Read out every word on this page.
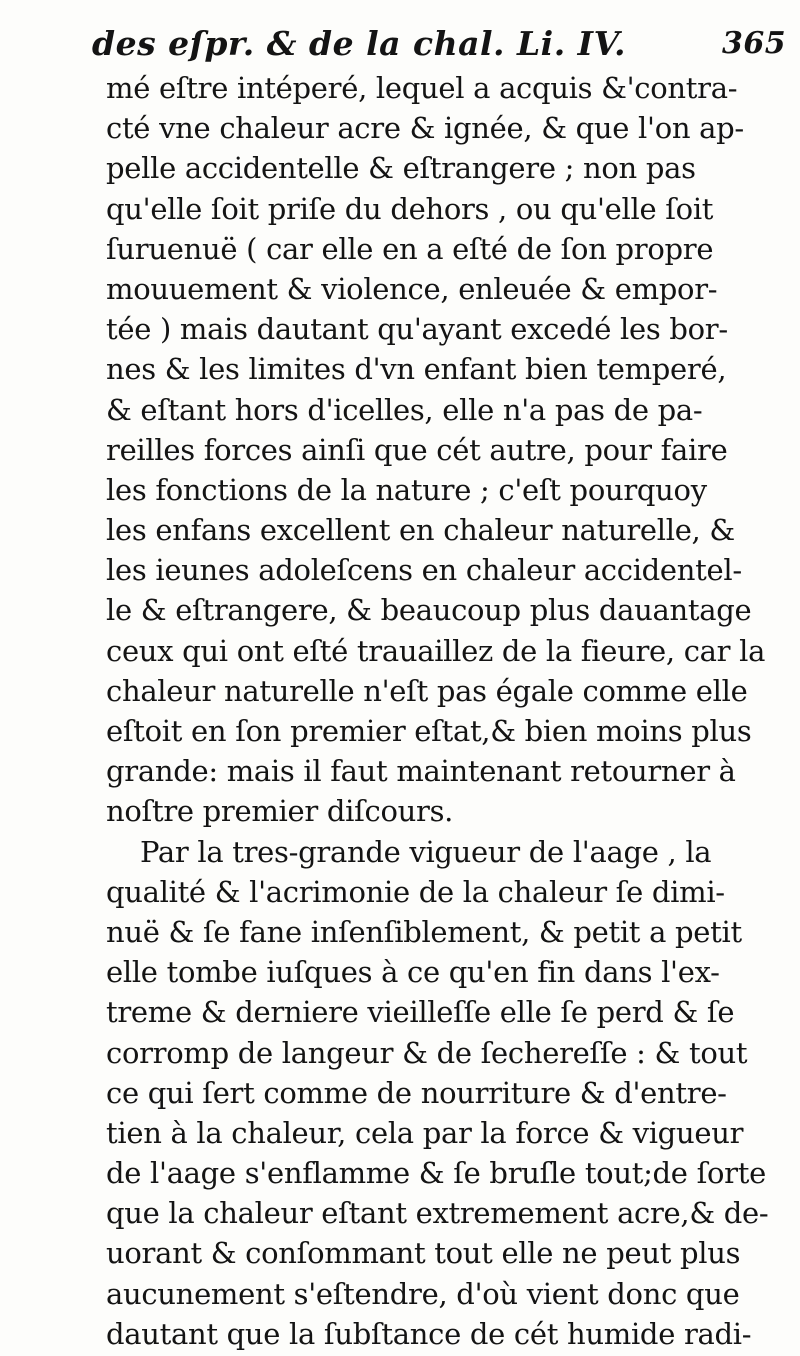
des eſpr. & de la chal. Li. IV.	365
mé eſtre intéperé, lequel a acquis &'contra-
cté vne chaleur acre & ignée, & que l'on ap-
pelle accidentelle & eſtrangere ; non pas
qu'elle ſoit priſe du dehors , ou qu'elle ſoit
ſuruenuë ( car elle en a eſté de ſon propre
mouuement & violence, enleuée & empor-
tée ) mais dautant qu'ayant excedé les bor-
nes & les limites d'vn enfant bien temperé,
& eſtant hors d'icelles, elle n'a pas de pa-
reilles forces ainſi que cét autre, pour faire
les fonctions de la nature ; c'eſt pourquoy
les enfans excellent en chaleur naturelle, &
les ieunes adoleſcens en chaleur accidentel-
le & eſtrangere, & beaucoup plus dauantage
ceux qui ont eſté trauaillez de la fieure, car la
chaleur naturelle n'eſt pas égale comme elle
eſtoit en ſon premier eſtat,& bien moins plus
grande: mais il faut maintenant retourner à
noſtre premier diſcours.
Par la tres-grande vigueur de l'aage , la
qualité & l'acrimonie de la chaleur ſe dimi-
nuë & ſe fane inſenſiblement, & petit a petit
elle tombe iuſques à ce qu'en fin dans l'ex-
treme & derniere vieilleſſe elle ſe perd & ſe
corromp de langeur & de ſechereſſe : & tout
ce qui ſert comme de nourriture & d'entre-
tien à la chaleur, cela par la force & vigueur
de l'aage s'enflamme & ſe bruſle tout;de ſorte
que la chaleur eſtant extremement acre,& de-
uorant & conſommant tout elle ne peut plus
aucunement s'eſtendre, d'où vient donc que
dautant que la ſubſtance de cét humide radi-
